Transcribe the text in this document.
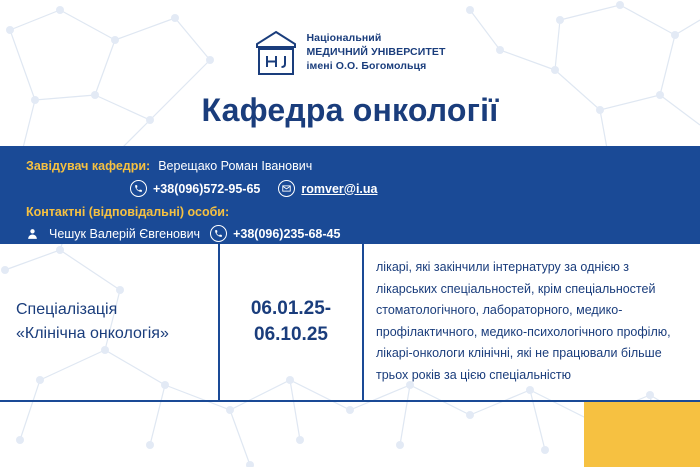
Національний
МЕДИЧНИЙ УНІВЕРСИТЕТ
імені О.О. Богомольця
Кафедра онкології
Завідувач кафедри: Верещако Роман Іванович
+38(096)572-95-65	romver@i.ua
Контактні (відповідальні) особи:
Чешук Валерій Євгенович	+38(096)235-68-45
Спеціалізація
«Клінічна онкологія»
06.01.25-
06.10.25
лікарі, які закінчили інтернатуру за однією з лікарських спеціальностей, крім спеціальностей стоматологічного, лабораторного, медико-профілактичного, медико-психологічного профілю, лікарі-онкологи клінічні, які не працювали більше трьох років за цією спеціальністю
